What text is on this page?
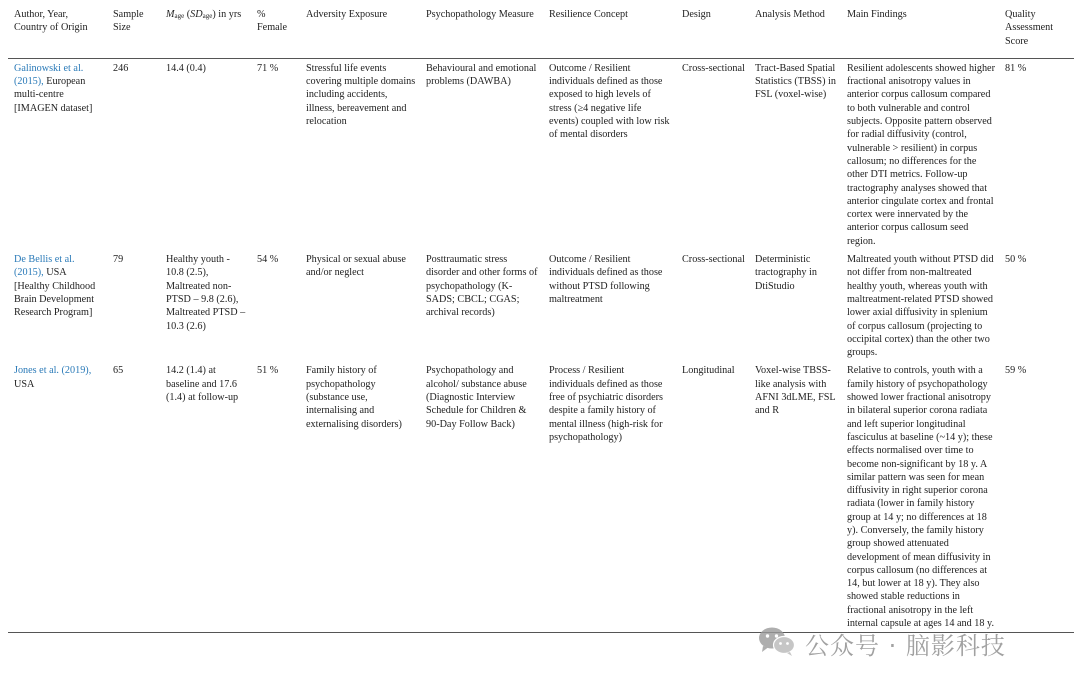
Author, Year, Country of Origin	Sample Size	Mage (SDage) in yrs	% Female	Adversity Exposure	Psychopathology Measure	Resilience Concept	Design	Analysis Method	Main Findings	Quality Assessment Score
Galinowski et al. (2015), European multi-centre [IMAGEN dataset]	246	14.4 (0.4)	71 %	Stressful life events covering multiple domains including accidents, illness, bereavement and relocation	Behavioural and emotional problems (DAWBA)	Outcome / Resilient individuals defined as those exposed to high levels of stress (≥4 negative life events) coupled with low risk of mental disorders	Cross-sectional	Tract-Based Spatial Statistics (TBSS) in FSL (voxel-wise)	Resilient adolescents showed higher fractional anisotropy values in anterior corpus callosum compared to both vulnerable and control subjects. Opposite pattern observed for radial diffusivity (control, vulnerable > resilient) in corpus callosum; no differences for the other DTI metrics. Follow-up tractography analyses showed that anterior cingulate cortex and frontal cortex were innervated by the anterior corpus callosum seed region.	81 %
De Bellis et al. (2015), USA [Healthy Childhood Brain Development Research Program]	79	Healthy youth - 10.8 (2.5), Maltreated non-PTSD – 9.8 (2.6), Maltreated PTSD – 10.3 (2.6)	54 %	Physical or sexual abuse and/or neglect	Posttraumatic stress disorder and other forms of psychopathology (K-SADS; CBCL; CGAS; archival records)	Outcome / Resilient individuals defined as those without PTSD following maltreatment	Cross-sectional	Deterministic tractography in DtiStudio	Maltreated youth without PTSD did not differ from non-maltreated healthy youth, whereas youth with maltreatment-related PTSD showed lower axial diffusivity in splenium of corpus callosum (projecting to occipital cortex) than the other two groups.	50 %
Jones et al. (2019), USA	65	14.2 (1.4) at baseline and 17.6 (1.4) at follow-up	51 %	Family history of psychopathology (substance use, internalising and externalising disorders)	Psychopathology and alcohol/ substance abuse (Diagnostic Interview Schedule for Children & 90-Day Follow Back)	Process / Resilient individuals defined as those free of psychiatric disorders despite a family history of mental illness (high-risk for psychopathology)	Longitudinal	Voxel-wise TBSS-like analysis with AFNI 3dLME, FSL and R	Relative to controls, youth with a family history of psychopathology showed lower fractional anisotropy in bilateral superior corona radiata and left superior longitudinal fasciculus at baseline (~14 y); these effects normalised over time to become non-significant by 18 y. A similar pattern was seen for mean diffusivity in right superior corona radiata (lower in family history group at 14 y; no differences at 18 y). Conversely, the family history group showed attenuated development of mean diffusivity in corpus callosum (no differences at 14, but lower at 18 y). They also showed stable reductions in fractional anisotropy in the left internal capsule at ages 14 and 18 y.	59 %
公众号 · 脑影科技
